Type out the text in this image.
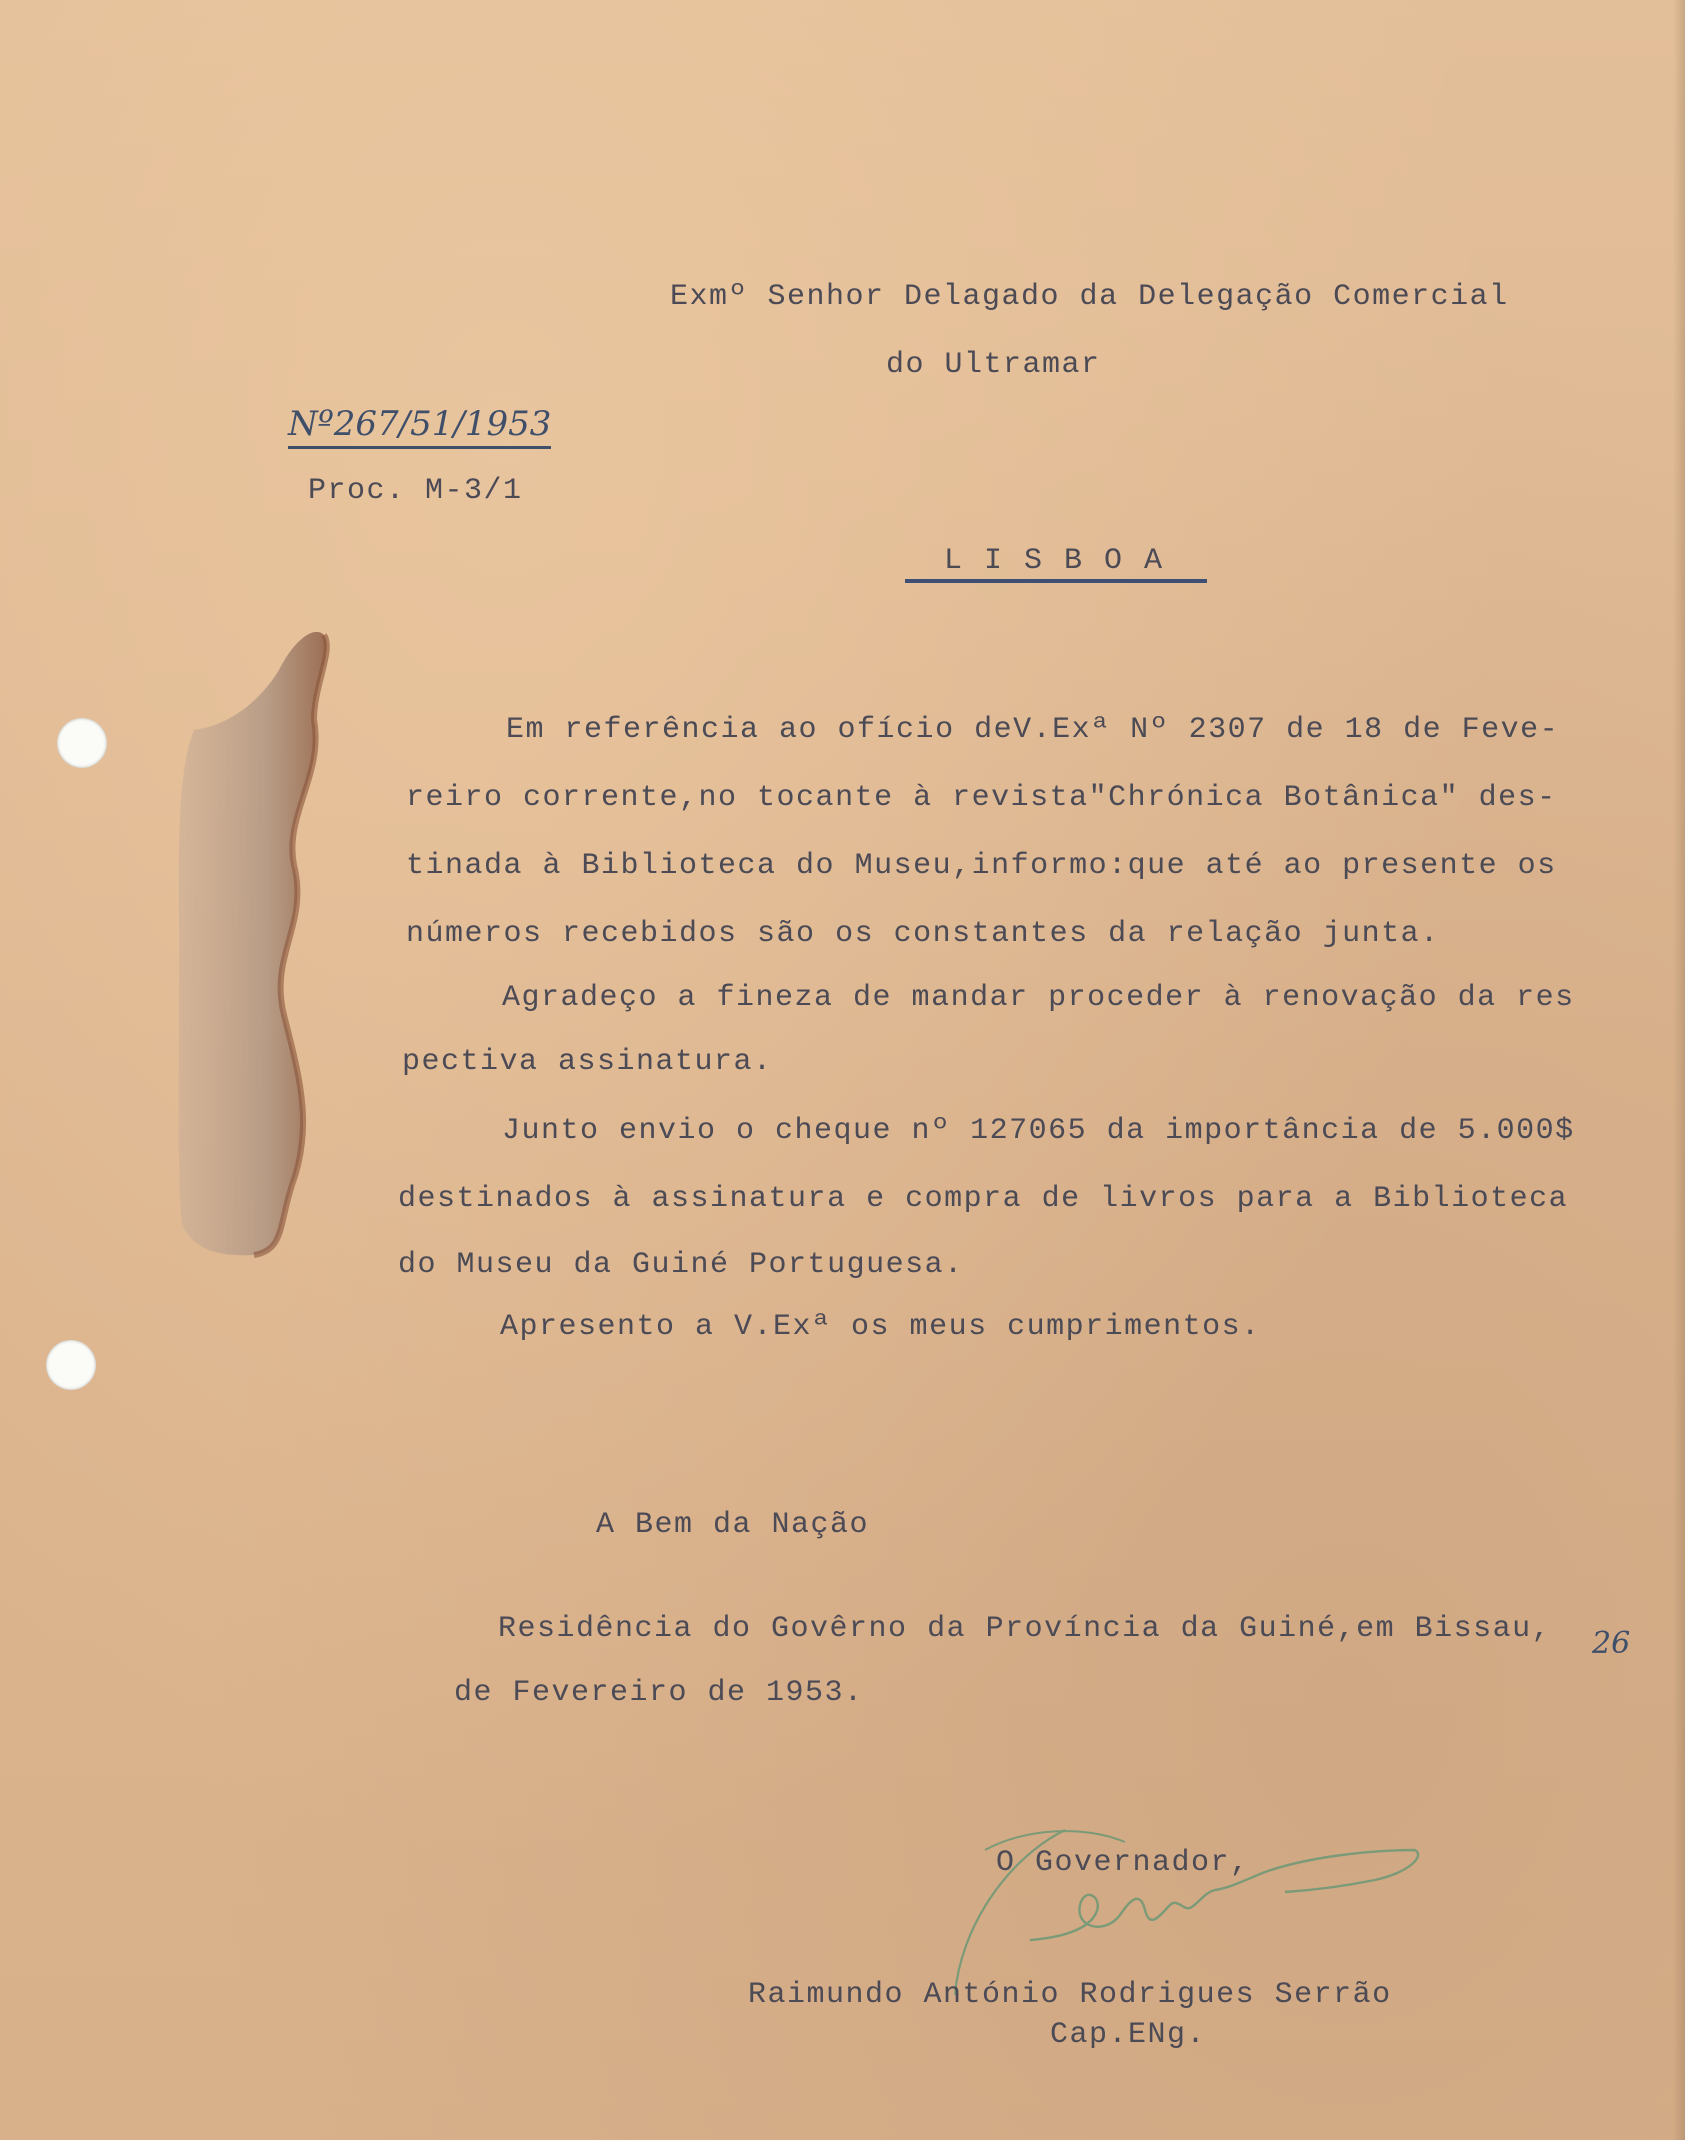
Exmº Senhor Delagado da Delegação Comercial
do Ultramar
Nº267/51/1953
Proc. M-3/1
LISBOA
Em referência ao ofício deV.Exª Nº 2307 de 18 de Feve-
reiro corrente,no tocante à revista"Chrónica Botânica" des-
tinada à Biblioteca do Museu,informo:que até ao presente os
números recebidos são os constantes da relação junta.
Agradeço a fineza de mandar proceder à renovação da res
pectiva assinatura.
Junto envio o cheque nº 127065 da importância de 5.000$
destinados à assinatura e compra de livros para a Biblioteca
do Museu da Guiné Portuguesa.
Apresento a V.Exª os meus cumprimentos.
A Bem da Nação
Residência do Govêrno da Província da Guiné,em Bissau, 26
de Fevereiro de 1953.
O Governador,
Raimundo António Rodrigues Serrão
Cap.ENg.
